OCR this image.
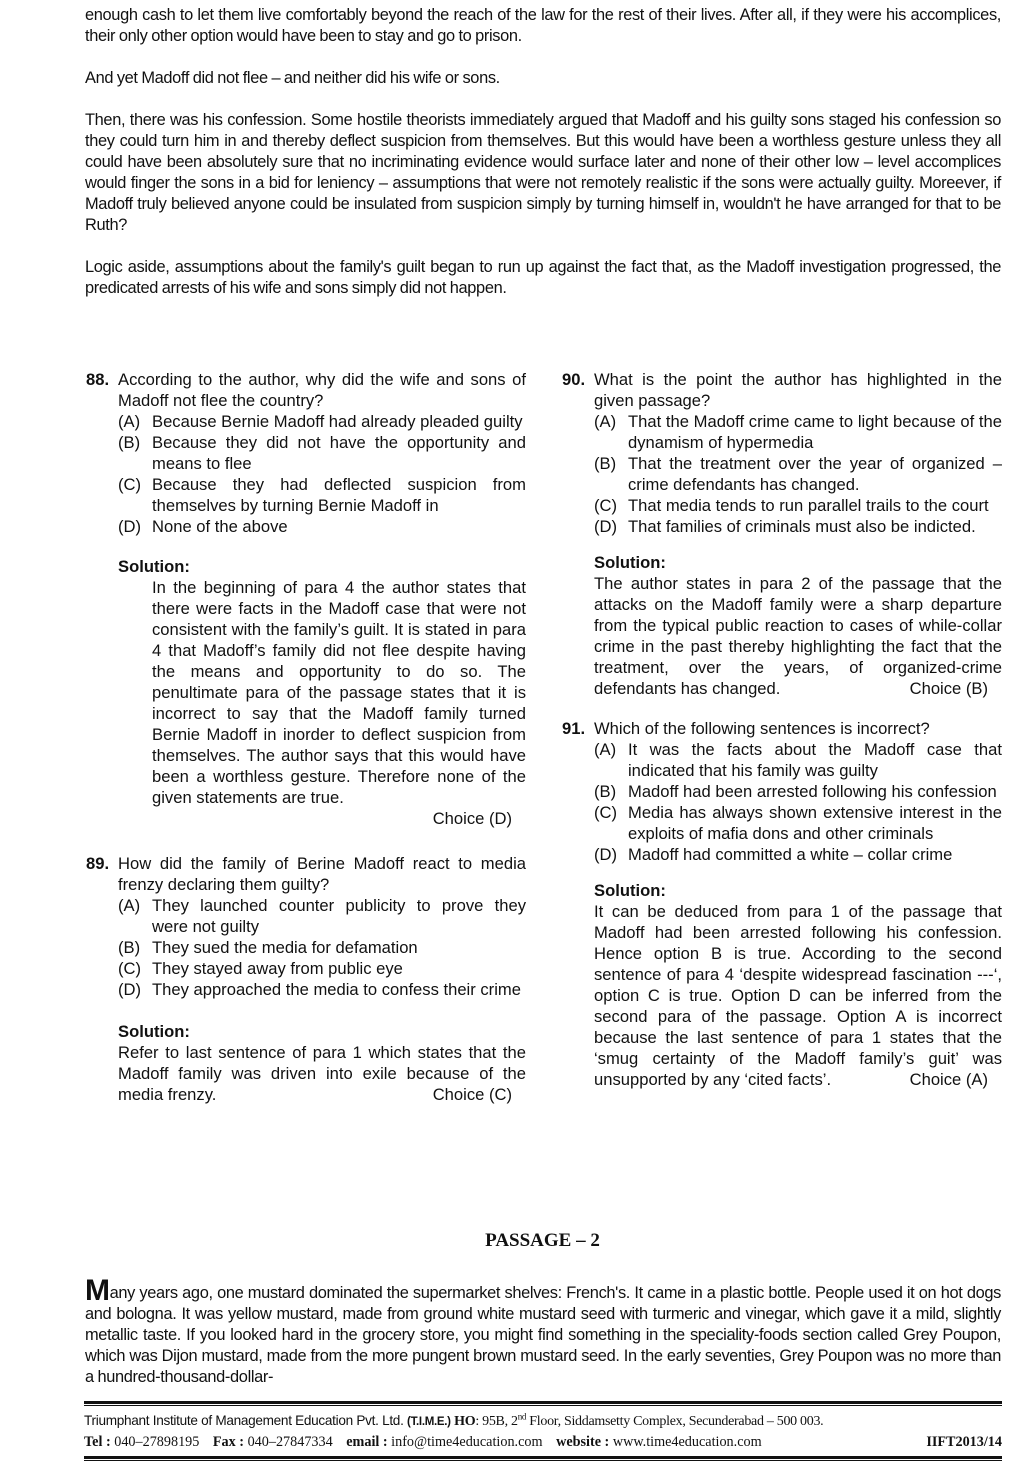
enough cash to let them live comfortably beyond the reach of the law for the rest of their lives. After all, if they were his accomplices, their only other option would have been to stay and go to prison.

And yet Madoff did not flee – and neither did his wife or sons.

Then, there was his confession. Some hostile theorists immediately argued that Madoff and his guilty sons staged his confession so they could turn him in and thereby deflect suspicion from themselves. But this would have been a worthless gesture unless they all could have been absolutely sure that no incriminating evidence would surface later and none of their other low – level accomplices would finger the sons in a bid for leniency – assumptions that were not remotely realistic if the sons were actually guilty. Moreever, if Madoff truly believed anyone could be insulated from suspicion simply by turning himself in, wouldn't he have arranged for that to be Ruth?

Logic aside, assumptions about the family's guilt began to run up against the fact that, as the Madoff investigation progressed, the predicated arrests of his wife and sons simply did not happen.

88. According to the author, why did the wife and sons of Madoff not flee the country?
(A) Because Bernie Madoff had already pleaded guilty
(B) Because they did not have the opportunity and means to flee
(C) Because they had deflected suspicion from themselves by turning Bernie Madoff in
(D) None of the above
Solution:
In the beginning of para 4 the author states that there were facts in the Madoff case that were not consistent with the family’s guilt. It is stated in para 4 that Madoff’s family did not flee despite having the means and opportunity to do so. The penultimate para of the passage states that it is incorrect to say that the Madoff family turned Bernie Madoff in inorder to deflect suspicion from themselves. The author says that this would have been a worthless gesture. Therefore none of the given statements are true.
Choice (D)
89. How did the family of Berine Madoff react to media frenzy declaring them guilty?
(A) They launched counter publicity to prove they were not guilty
(B) They sued the media for defamation
(C) They stayed away from public eye
(D) They approached the media to confess their crime
Solution:
Refer to last sentence of para 1 which states that the Madoff family was driven into exile because of the media frenzy.	Choice (C)
90. What is the point the author has highlighted in the given passage?
(A) That the Madoff crime came to light because of the dynamism of hypermedia
(B) That the treatment over the year of organized – crime defendants has changed.
(C) That media tends to run parallel trails to the court
(D) That families of criminals must also be indicted.
Solution:
The author states in para 2 of the passage that the attacks on the Madoff family were a sharp departure from the typical public reaction to cases of while-collar crime in the past thereby highlighting the fact that the treatment, over the years, of organized-crime defendants has changed.	Choice (B)
91. Which of the following sentences is incorrect?
(A) It was the facts about the Madoff case that indicated that his family was guilty
(B) Madoff had been arrested following his confession
(C) Media has always shown extensive interest in the exploits of mafia dons and other criminals
(D) Madoff had committed a white – collar crime
Solution:
It can be deduced from para 1 of the passage that Madoff had been arrested following his confession. Hence option B is true. According to the second sentence of para 4 ‘despite widespread fascination ---‘, option C is true. Option D can be inferred from the second para of the passage. Option A is incorrect because the last sentence of para 1 states that the ‘smug certainty of the Madoff family’s guit’ was unsupported by any ‘cited facts’.	Choice (A)
PASSAGE – 2
Many years ago, one mustard dominated the supermarket shelves: French's. It came in a plastic bottle. People used it on hot dogs and bologna. It was yellow mustard, made from ground white mustard seed with turmeric and vinegar, which gave it a mild, slightly metallic taste. If you looked hard in the grocery store, you might find something in the speciality-foods section called Grey Poupon, which was Dijon mustard, made from the more pungent brown mustard seed. In the early seventies, Grey Poupon was no more than a hundred-thousand-dollar-
Triumphant Institute of Management Education Pvt. Ltd. (T.I.M.E.) HO: 95B, 2nd Floor, Siddamsetty Complex, Secunderabad – 500 003.
Tel : 040–27898195 Fax : 040–27847334 email : info@time4education.com website : www.time4education.com	IIFT2013/14
